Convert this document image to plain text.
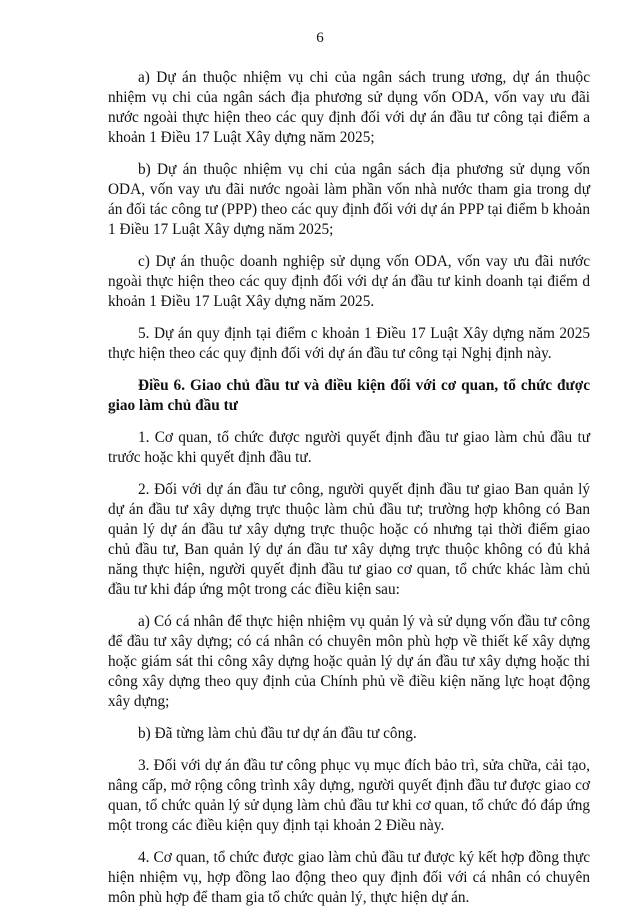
6

a) Dự án thuộc nhiệm vụ chi của ngân sách trung ương, dự án thuộc nhiệm vụ chi của ngân sách địa phương sử dụng vốn ODA, vốn vay ưu đãi nước ngoài thực hiện theo các quy định đối với dự án đầu tư công tại điểm a khoản 1 Điều 17 Luật Xây dựng năm 2025;

b) Dự án thuộc nhiệm vụ chi của ngân sách địa phương sử dụng vốn ODA, vốn vay ưu đãi nước ngoài làm phần vốn nhà nước tham gia trong dự án đối tác công tư (PPP) theo các quy định đối với dự án PPP tại điểm b khoản 1 Điều 17 Luật Xây dựng năm 2025;

c) Dự án thuộc doanh nghiệp sử dụng vốn ODA, vốn vay ưu đãi nước ngoài thực hiện theo các quy định đối với dự án đầu tư kinh doanh tại điểm d khoản 1 Điều 17 Luật Xây dựng năm 2025.

5. Dự án quy định tại điểm c khoản 1 Điều 17 Luật Xây dựng năm 2025 thực hiện theo các quy định đối với dự án đầu tư công tại Nghị định này.

Điều 6. Giao chủ đầu tư và điều kiện đối với cơ quan, tổ chức được giao làm chủ đầu tư

1. Cơ quan, tổ chức được người quyết định đầu tư giao làm chủ đầu tư trước hoặc khi quyết định đầu tư.

2. Đối với dự án đầu tư công, người quyết định đầu tư giao Ban quản lý dự án đầu tư xây dựng trực thuộc làm chủ đầu tư; trường hợp không có Ban quản lý dự án đầu tư xây dựng trực thuộc hoặc có nhưng tại thời điểm giao chủ đầu tư, Ban quản lý dự án đầu tư xây dựng trực thuộc không có đủ khả năng thực hiện, người quyết định đầu tư giao cơ quan, tổ chức khác làm chủ đầu tư khi đáp ứng một trong các điều kiện sau:

a) Có cá nhân để thực hiện nhiệm vụ quản lý và sử dụng vốn đầu tư công để đầu tư xây dựng; có cá nhân có chuyên môn phù hợp về thiết kế xây dựng hoặc giám sát thi công xây dựng hoặc quản lý dự án đầu tư xây dựng hoặc thi công xây dựng theo quy định của Chính phủ về điều kiện năng lực hoạt động xây dựng;

b) Đã từng làm chủ đầu tư dự án đầu tư công.

3. Đối với dự án đầu tư công phục vụ mục đích bảo trì, sửa chữa, cải tạo, nâng cấp, mở rộng công trình xây dựng, người quyết định đầu tư được giao cơ quan, tổ chức quản lý sử dụng làm chủ đầu tư khi cơ quan, tổ chức đó đáp ứng một trong các điều kiện quy định tại khoản 2 Điều này.

4. Cơ quan, tổ chức được giao làm chủ đầu tư được ký kết hợp đồng thực hiện nhiệm vụ, hợp đồng lao động theo quy định đối với cá nhân có chuyên môn phù hợp để tham gia tổ chức quản lý, thực hiện dự án.
